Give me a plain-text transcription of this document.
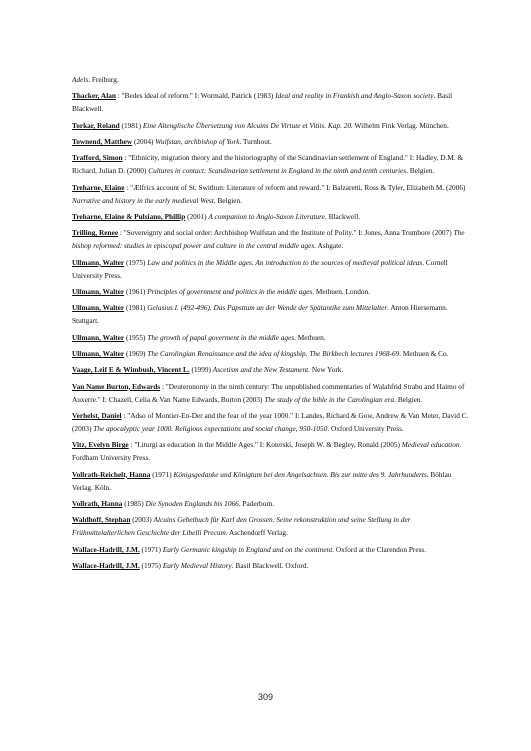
Adels. Freiburg.

Thacker, Alan : "Bedes ideal of reform." I: Wormald, Patrick (1983) Ideal and reality in Frankish and Anglo-Saxon society. Basil Blackwell.

Torkar, Roland (1981) Eine Altenglische Übersetzung von Alcuins De Virtute et Vitiis. Kap. 20. Wilhelm Fink Verlag. München.

Townend, Matthew (2004) Wulfstan, archbishop of York. Turnhout.

Trafford, Simon : "Ethnicity, migration theory and the historiography of the Scandinavian settlement of England." I: Hadley, D.M. & Richard, Julian D. (2000) Cultures in contact: Scandinavian settlement in England in the ninth and tenth centuries. Belgien.

Treharne, Elaine : "Ælfrics account of St. Swithun: Literature of reform and reward." I: Balzaretti, Ross & Tyler, Elizabeth M. (2006) Narrative and history in the early medieval West. Belgien.

Treharne, Elaine & Pulsiano, Phillip (2001) A companion to Anglo-Saxon Literature. Blackwell.

Trilling, Renee : "Sovereignty and social order: Archbishop Wulfstan and the Institute of Polity." I: Jones, Anna Trumbore (2007) The bishop reformed: studies in episcopal power and culture in the central middle ages. Ashgate.

Ullmann, Walter (1975) Law and politics in the Middle ages. An introduction to the sources of medieval political ideas. Cornell University Press.

Ullmann, Walter (1961) Principles of government and politics in the middle ages. Methuen. London.

Ullmann, Walter (1981) Gelasius I. (492-496). Das Papsttum an der Wende der Spätantike zum Mittelalter. Anton Hiersemann. Stuttgart.

Ullmann, Walter (1955) The growth of papal goverment in the middle ages. Methuen.

Ullmann, Walter (1969) The Carolingian Renaissance and the idea of kingship. The Birkbech lectures 1968-69. Methuen & Co.

Vaage, Leif E & Wimbush, Vincent L. (1999) Ascetism and the New Testament. New York.

Van Name Burton, Edwards : "Deuteronomy in the ninth century: The unpublished commentaries of Walahfrid Strabo and Haimo of Auxerre." I: Chazell, Celia & Van Name Edwards, Burton (2003) The study of the bible in the Carolingian era. Belgien.

Verhelst, Daniel : "Adso of Montier-En-Der and the fear of the year 1000." I: Landes, Richard & Gow, Andrew & Van Meter, David C. (2003) The apocalyptic year 1000. Religious expectations and social change, 950-1050. Oxford University Press.

Vitz, Evelyn Birge : "Liturgi as education in the Middle Ages." I: Koterski, Joseph W. & Begley, Ronald (2005) Medieval education. Fordham University Press.

Vollrath-Reichelt, Hanna (1971) Königsgedanke und Königtum bei den Angelsachsen. Bis zur mitte des 9. Jahrhunderts. Böhlau Verlag. Köln.

Vollrath, Hanna (1985) Die Synoden Englands bis 1066. Paderborn.

Waldhoff, Stephan (2003) Alcuins Gebetbuch für Karl den Grossen. Seine rekonstruktion und seine Stellung in der Frühmittelalterlichen Geschichte der Libelli Precum. Aschendorff Verlag.

Wallace-Hadrill, J.M. (1971) Early Germanic kingship in England and on the continent. Oxford at the Clarendon Press.

Wallace-Hadrill, J.M. (1975) Early Medieval History. Basil Blackwell. Oxford.

309
